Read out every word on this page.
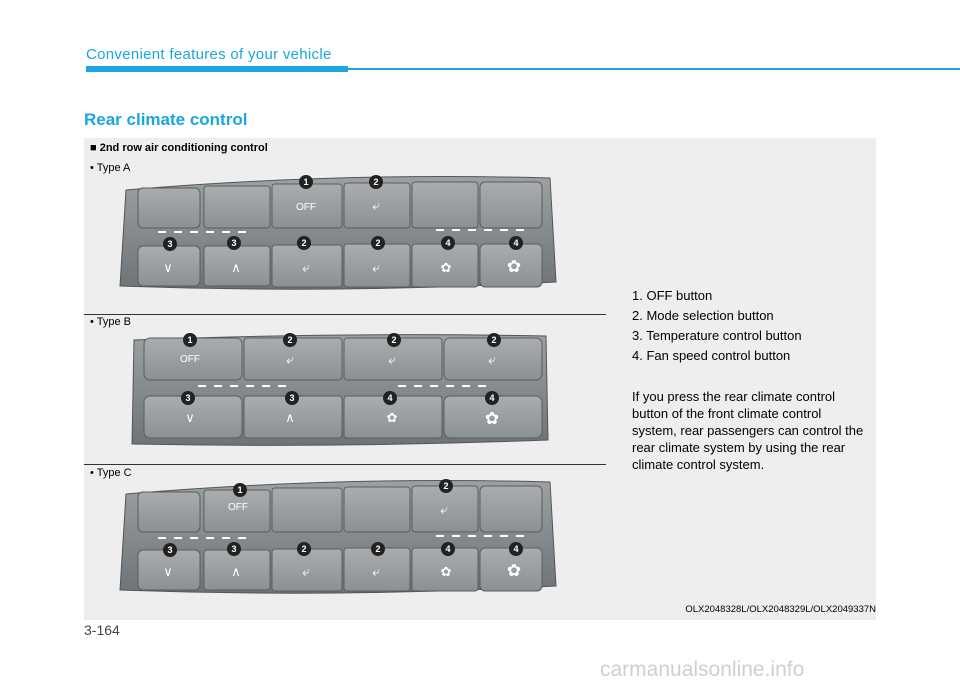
Convenient features of your vehicle
Rear climate control
■ 2nd row air conditioning control
• Type A
• Type B
• Type C
OFF	⤶
∨	∧	⤶	⤶	✿	✿
1	2
3	3	2	2	4	4
OFF	⤶	⤶	⤶
∨	∧	✿	✿
1	2	2	2
3	3	4	4
OFF	⤶
∨	∧	⤶	⤶	✿	✿
1	2
3	3	2	2	4	4
1. OFF button
2. Mode selection button
3. Temperature control button
4. Fan speed control button
If you press the rear climate control button of the front climate control system, rear passengers can control the rear climate system by using the rear climate control system.
OLX2048328L/OLX2048329L/OLX2049337N
3-164
carmanualsonline.info
